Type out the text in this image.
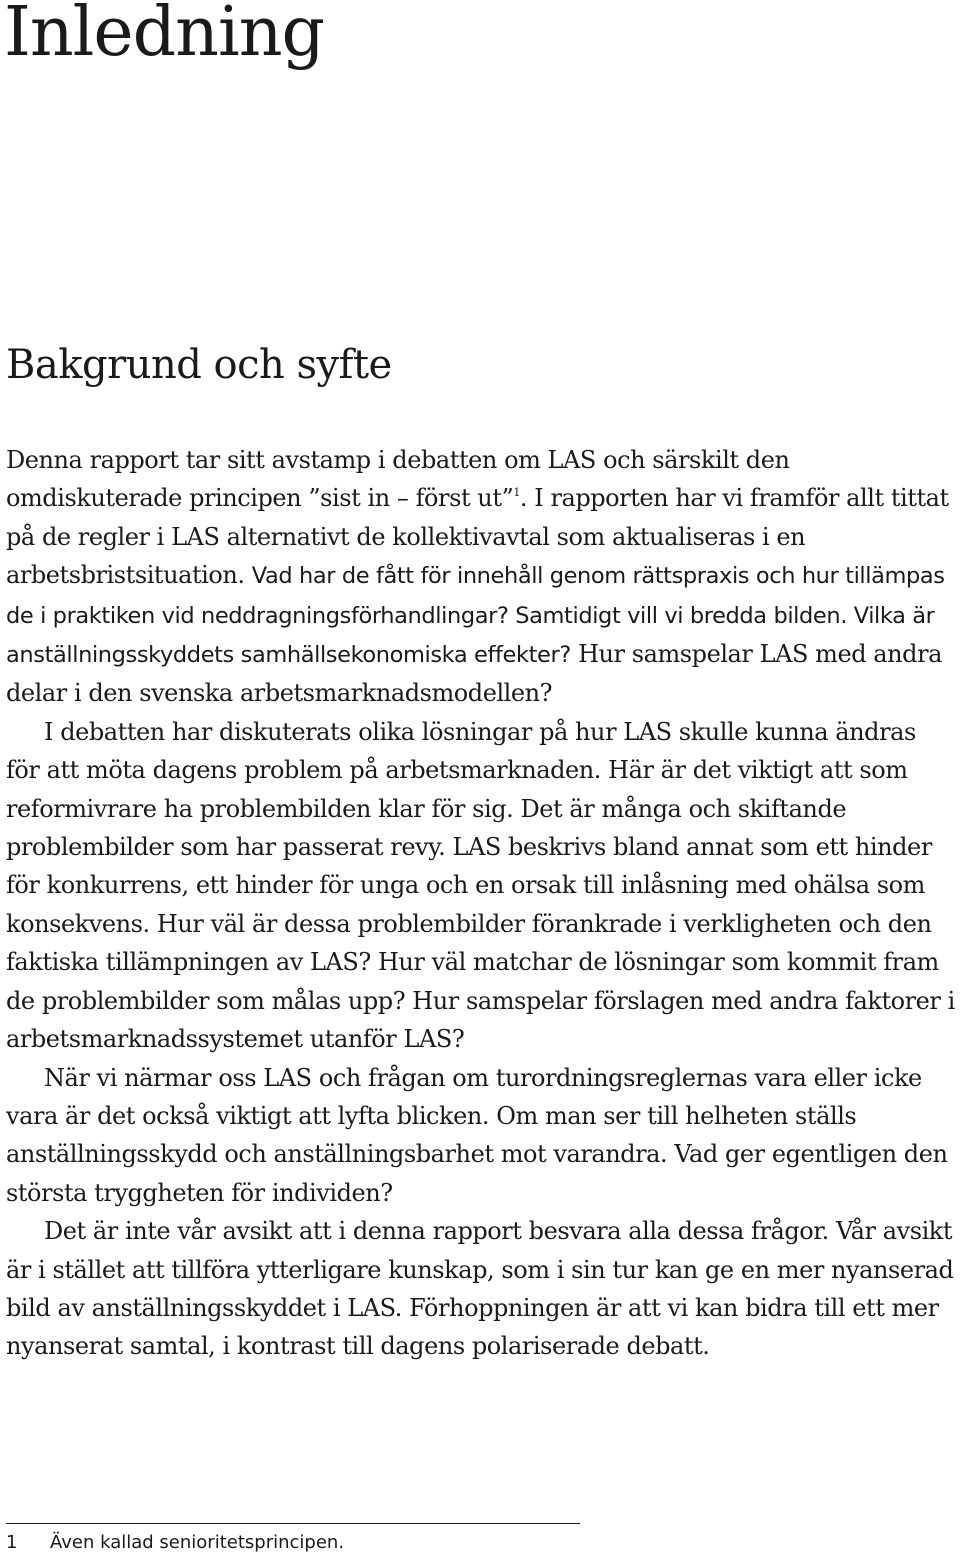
Inledning
Bakgrund och syfte

Denna rapport tar sitt avstamp i debatten om LAS och särskilt den omdiskuterade principen ”sist in – först ut”$^1$. I rapporten har vi framför allt tittat på de regler i LAS alternativt de kollektivavtal som aktualiseras i en arbetsbristsituation. Vad har de fått för innehåll genom rättspraxis och hur tillämpas de i praktiken vid neddragningsförhandlingar? Samtidigt vill vi bredda bilden. Vilka är anställningsskyddets samhällsekonomiska effekter? Hur samspelar LAS med andra delar i den svenska arbetsmarknadsmodellen?

I debatten har diskuterats olika lösningar på hur LAS skulle kunna ändras för att möta dagens problem på arbetsmarknaden. Här är det viktigt att som reformivrare ha problembilden klar för sig. Det är många och skiftande problembilder som har passerat revy. LAS beskrivs bland annat som ett hinder för konkurrens, ett hinder för unga och en orsak till inlåsning med ohälsa som konsekvens. Hur väl är dessa problembilder förankrade i verkligheten och den faktiska tillämpningen av LAS? Hur väl matchar de lösningar som kommit fram de problembilder som målas upp? Hur samspelar förslagen med andra faktorer i arbetsmarknadssystemet utanför LAS?

När vi närmar oss LAS och frågan om turordningsreglernas vara eller icke vara är det också viktigt att lyfta blicken. Om man ser till helheten ställs anställningsskydd och anställningsbarhet mot varandra. Vad ger egentligen den största tryggheten för individen?

Det är inte vår avsikt att i denna rapport besvara alla dessa frågor. Vår avsikt är i stället att tillföra ytterligare kunskap, som i sin tur kan ge en mer nyanserad bild av anställningsskyddet i LAS. Förhoppningen är att vi kan bidra till ett mer nyanserat samtal, i kontrast till dagens polariserade debatt.

1 Även kallad senioritetsprincipen.
